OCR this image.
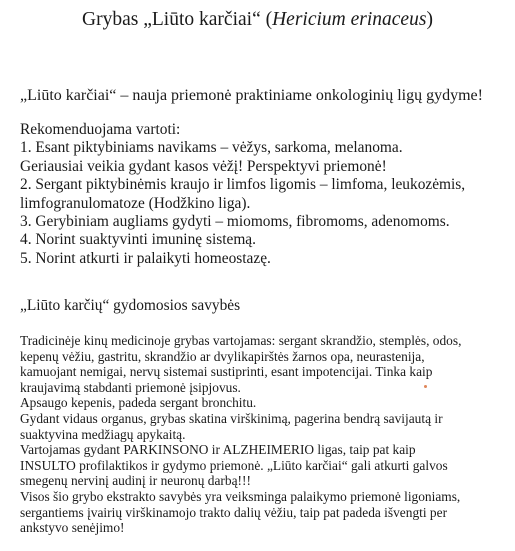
Grybas „Liūto karčiai“ (Hericium erinaceus)
„Liūto karčiai“ – nauja priemonė praktiniame onkologinių ligų gydyme!
Rekomenduojama vartoti:
1. Esant piktybiniams navikams – vėžys, sarkoma, melanoma.
Geriausiai veikia gydant kasos vėžį! Perspektyvi priemonė!
2. Sergant piktybinėmis kraujo ir limfos ligomis – limfoma, leukozėmis,
limfogranulomatoze (Hodžkino liga).
3. Gerybiniam augliams gydyti – miomoms, fibromoms, adenomoms.
4. Norint suaktyvinti imuninę sistemą.
5. Norint atkurti ir palaikyti homeostazę.
„Liūto karčių“ gydomosios savybės
Tradicinėje kinų medicinoje grybas vartojamas: sergant skrandžio, stemplės, odos,
kepenų vėžiu, gastritu, skrandžio ar dvylikapirštės žarnos opa, neurastenija,
kamuojant nemigai, nervų sistemai sustiprinti, esant impotencijai. Tinka kaip
kraujavimą stabdanti priemonė įsipjovus.
Apsaugo kepenis, padeda sergant bronchitu.
Gydant vidaus organus, grybas skatina virškinimą, pagerina bendrą savijautą ir
suaktyvina medžiagų apykaitą.
Vartojamas gydant PARKINSONO ir ALZHEIMERIO ligas, taip pat kaip
INSULTO profilaktikos ir gydymo priemonė. „Liūto karčiai“ gali atkurti galvos
smegenų nervinį audinį ir neuronų darbą!!!
Visos šio grybo ekstrakto savybės yra veiksminga palaikymo priemonė ligoniams,
sergantiems įvairių virškinamojo trakto dalių vėžiu, taip pat padeda išvengti per
ankstyvo senėjimo!
